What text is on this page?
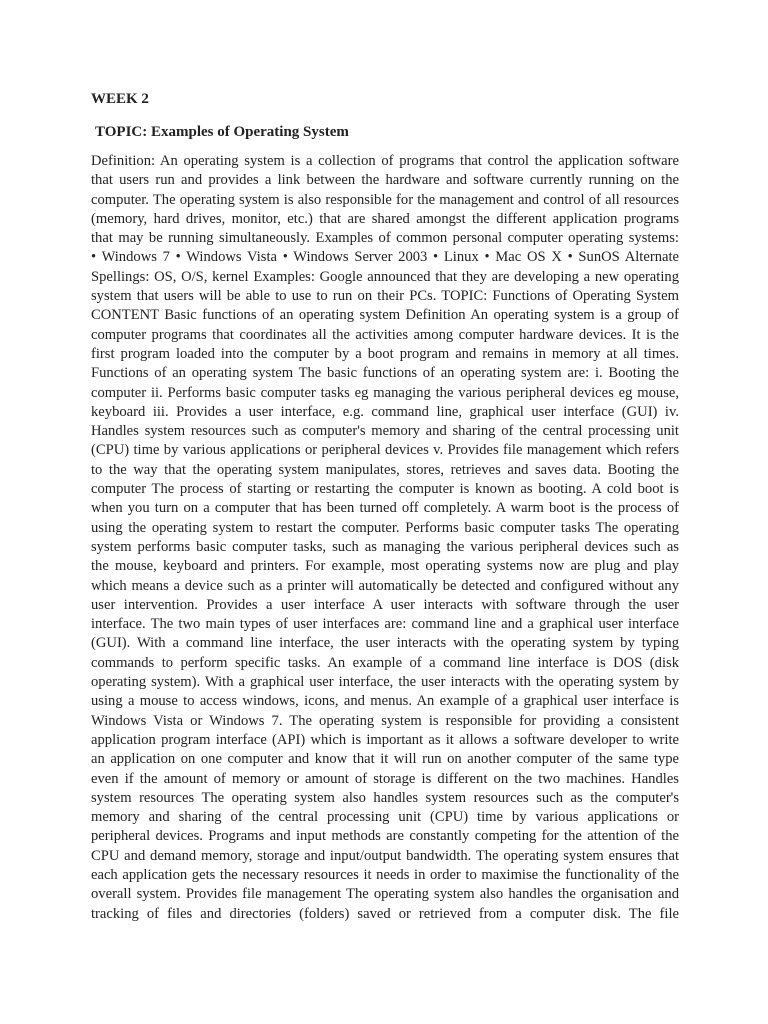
WEEK 2
TOPIC: Examples of Operating System
Definition: An operating system is a collection of programs that control the application software
that users run and provides a link between the hardware and software currently running on the
computer. The operating system is also responsible for the management and control of all resources
(memory, hard drives, monitor, etc.) that are shared amongst the different application programs
that may be running simultaneously. Examples of common personal computer operating systems:
• Windows 7 • Windows Vista • Windows Server 2003 • Linux • Mac OS X • SunOS Alternate
Spellings: OS, O/S, kernel Examples: Google announced that they are developing a new operating
system that users will be able to use to run on their PCs. TOPIC: Functions of Operating System
CONTENT Basic functions of an operating system Definition An operating system is a group of
computer programs that coordinates all the activities among computer hardware devices. It is the
first program loaded into the computer by a boot program and remains in memory at all times.
Functions of an operating system The basic functions of an operating system are: i. Booting the
computer ii. Performs basic computer tasks eg managing the various peripheral devices eg mouse,
keyboard iii. Provides a user interface, e.g. command line, graphical user interface (GUI) iv.
Handles system resources such as computer's memory and sharing of the central processing unit
(CPU) time by various applications or peripheral devices v. Provides file management which refers
to the way that the operating system manipulates, stores, retrieves and saves data. Booting the
computer The process of starting or restarting the computer is known as booting. A cold boot is
when you turn on a computer that has been turned off completely. A warm boot is the process of
using the operating system to restart the computer. Performs basic computer tasks The operating
system performs basic computer tasks, such as managing the various peripheral devices such as
the mouse, keyboard and printers. For example, most operating systems now are plug and play
which means a device such as a printer will automatically be detected and configured without any
user intervention. Provides a user interface A user interacts with software through the user
interface. The two main types of user interfaces are: command line and a graphical user interface
(GUI). With a command line interface, the user interacts with the operating system by typing
commands to perform specific tasks. An example of a command line interface is DOS (disk
operating system). With a graphical user interface, the user interacts with the operating system by
using a mouse to access windows, icons, and menus. An example of a graphical user interface is
Windows Vista or Windows 7. The operating system is responsible for providing a consistent
application program interface (API) which is important as it allows a software developer to write
an application on one computer and know that it will run on another computer of the same type
even if the amount of memory or amount of storage is different on the two machines. Handles
system resources The operating system also handles system resources such as the computer's
memory and sharing of the central processing unit (CPU) time by various applications or
peripheral devices. Programs and input methods are constantly competing for the attention of the
CPU and demand memory, storage and input/output bandwidth. The operating system ensures that
each application gets the necessary resources it needs in order to maximise the functionality of the
overall system. Provides file management The operating system also handles the organisation and
tracking of files and directories (folders) saved or retrieved from a computer disk. The file
